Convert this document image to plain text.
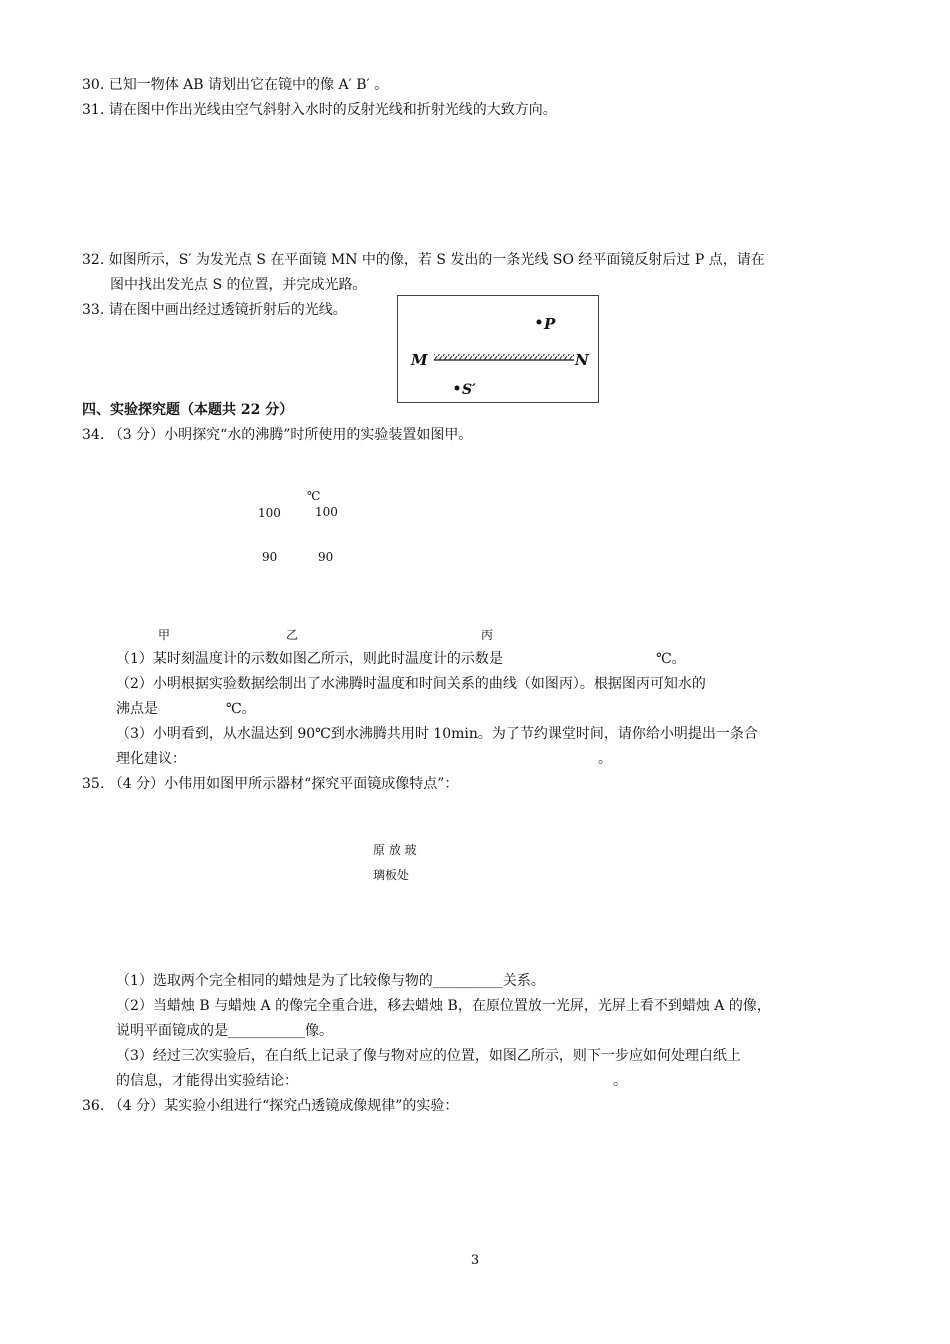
30. 已知一物体 AB 请划出它在镜中的像 A′ B′ 。
31. 请在图中作出光线由空气斜射入水时的反射光线和折射光线的大致方向。
32. 如图所示，S′ 为发光点 S 在平面镜 MN 中的像，若 S 发出的一条光线 SO 经平面镜反射后过 P 点，请在
图中找出发光点 S 的位置，并完成光路。
33. 请在图中画出经过透镜折射后的光线。
P
M	N
S′
四、实验探究题（本题共 22 分）
34. （3 分）小明探究“水的沸腾”时所使用的实验装置如图甲。
℃
100	100
90	90
甲	乙	丙
（1）某时刻温度计的示数如图乙所示，则此时温度计的示数是	℃。
（2）小明根据实验数据绘制出了水沸腾时温度和时间关系的曲线（如图丙）。根据图丙可知水的
沸点是	℃。
（3）小明看到，从水温达到 90℃到水沸腾共用时 10min。为了节约课堂时间，请你给小明提出一条合
理化建议：	。
35. （4 分）小伟用如图甲所示器材“探究平面镜成像特点”：
原 放 玻
璃板处
（1）选取两个完全相同的蜡烛是为了比较像与物的__________关系。
（2）当蜡烛 B 与蜡烛 A 的像完全重合进，移去蜡烛 B，在原位置放一光屏，光屏上看不到蜡烛 A 的像，
说明平面镜成的是___________像。
（3）经过三次实验后，在白纸上记录了像与物对应的位置，如图乙所示，则下一步应如何处理白纸上
的信息，才能得出实验结论：	。
36. （4 分）某实验小组进行“探究凸透镜成像规律”的实验：
3
